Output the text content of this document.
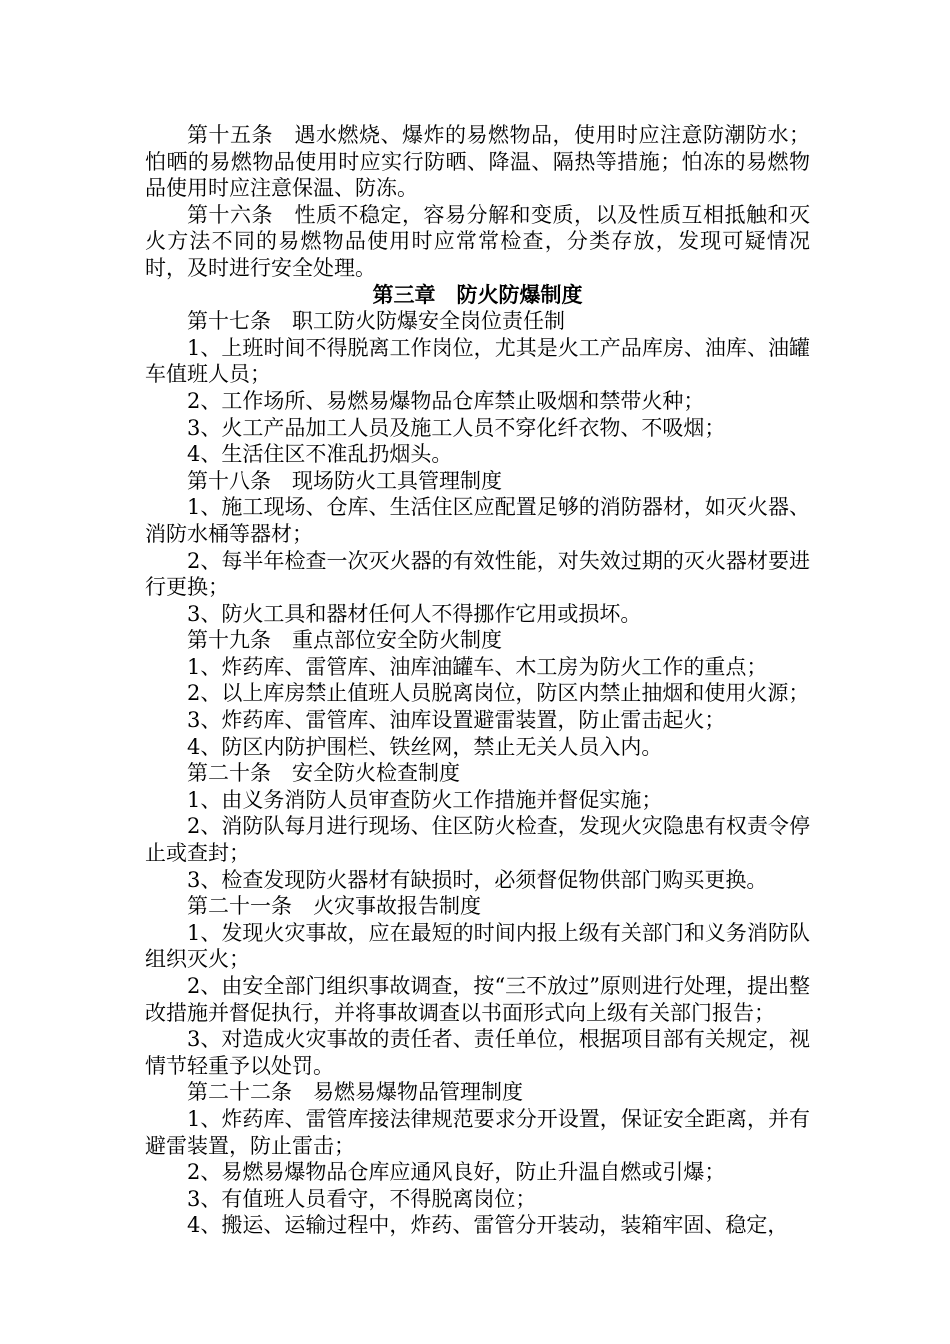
第十五条　遇水燃烧、爆炸的易燃物品，使用时应注意防潮防水；怕晒的易燃物品使用时应实行防晒、降温、隔热等措施；怕冻的易燃物品使用时应注意保温、防冻。

第十六条　性质不稳定，容易分解和变质，以及性质互相抵触和灭火方法不同的易燃物品使用时应常常检查，分类存放，发现可疑情况时，及时进行安全处理。

第三章　防火防爆制度

第十七条　职工防火防爆安全岗位责任制

1、上班时间不得脱离工作岗位，尤其是火工产品库房、油库、油罐车值班人员；

2、工作场所、易燃易爆物品仓库禁止吸烟和禁带火种；

3、火工产品加工人员及施工人员不穿化纤衣物、不吸烟；

4、生活住区不准乱扔烟头。

第十八条　现场防火工具管理制度

1、施工现场、仓库、生活住区应配置足够的消防器材，如灭火器、消防水桶等器材；

2、每半年检查一次灭火器的有效性能，对失效过期的灭火器材要进行更换；

3、防火工具和器材任何人不得挪作它用或损坏。

第十九条　重点部位安全防火制度

1、炸药库、雷管库、油库油罐车、木工房为防火工作的重点；

2、以上库房禁止值班人员脱离岗位，防区内禁止抽烟和使用火源；

3、炸药库、雷管库、油库设置避雷装置，防止雷击起火；

4、防区内防护围栏、铁丝网，禁止无关人员入内。

第二十条　安全防火检查制度

1、由义务消防人员审查防火工作措施并督促实施；

2、消防队每月进行现场、住区防火检查，发现火灾隐患有权责令停止或查封；

3、检查发现防火器材有缺损时，必须督促物供部门购买更换。

第二十一条　火灾事故报告制度

1、发现火灾事故，应在最短的时间内报上级有关部门和义务消防队组织灭火；

2、由安全部门组织事故调查，按“三不放过”原则进行处理，提出整改措施并督促执行，并将事故调查以书面形式向上级有关部门报告；

3、对造成火灾事故的责任者、责任单位，根据项目部有关规定，视情节轻重予以处罚。

第二十二条　易燃易爆物品管理制度

1、炸药库、雷管库接法律规范要求分开设置，保证安全距离，并有避雷装置，防止雷击；

2、易燃易爆物品仓库应通风良好，防止升温自燃或引爆；

3、有值班人员看守，不得脱离岗位；

4、搬运、运输过程中，炸药、雷管分开装动，装箱牢固、稳定，
